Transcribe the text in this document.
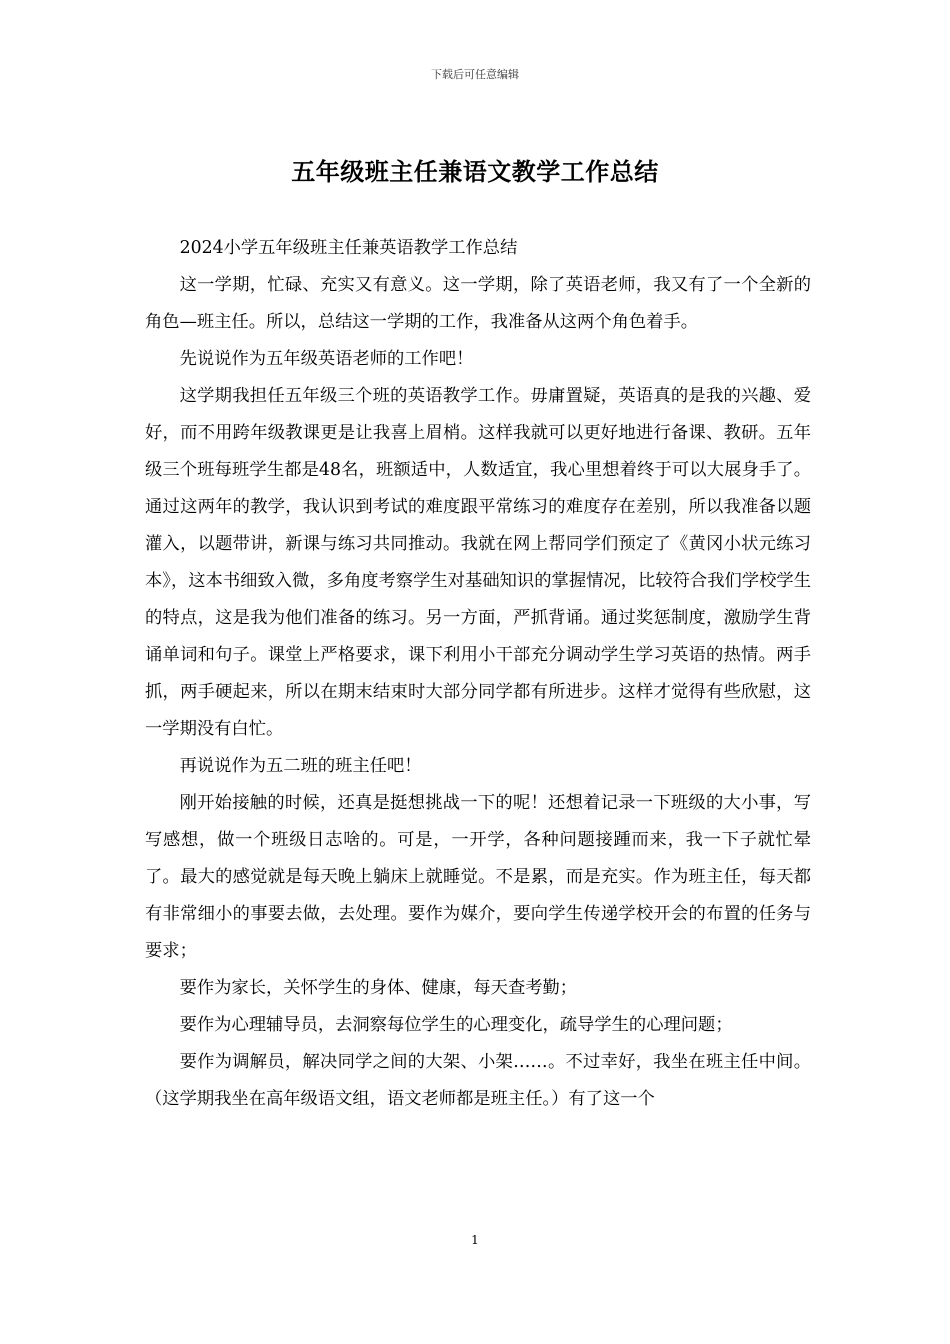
下载后可任意编辑
五年级班主任兼语文教学工作总结

2024小学五年级班主任兼英语教学工作总结

这一学期，忙碌、充实又有意义。这一学期，除了英语老师，我又有了一个全新的角色—班主任。所以，总结这一学期的工作，我准备从这两个角色着手。

先说说作为五年级英语老师的工作吧！

这学期我担任五年级三个班的英语教学工作。毋庸置疑，英语真的是我的兴趣、爱好，而不用跨年级教课更是让我喜上眉梢。这样我就可以更好地进行备课、教研。五年级三个班每班学生都是48名，班额适中，人数适宜，我心里想着终于可以大展身手了。通过这两年的教学，我认识到考试的难度跟平常练习的难度存在差别，所以我准备以题灌入，以题带讲，新课与练习共同推动。我就在网上帮同学们预定了《黄冈小状元练习本》，这本书细致入微，多角度考察学生对基础知识的掌握情况，比较符合我们学校学生的特点，这是我为他们准备的练习。另一方面，严抓背诵。通过奖惩制度，激励学生背诵单词和句子。课堂上严格要求，课下利用小干部充分调动学生学习英语的热情。两手抓，两手硬起来，所以在期末结束时大部分同学都有所进步。这样才觉得有些欣慰，这一学期没有白忙。

再说说作为五二班的班主任吧！

刚开始接触的时候，还真是挺想挑战一下的呢！还想着记录一下班级的大小事，写写感想，做一个班级日志啥的。可是，一开学，各种问题接踵而来，我一下子就忙晕了。最大的感觉就是每天晚上躺床上就睡觉。不是累，而是充实。作为班主任，每天都有非常细小的事要去做，去处理。要作为媒介，要向学生传递学校开会的布置的任务与要求；

要作为家长，关怀学生的身体、健康，每天查考勤；

要作为心理辅导员，去洞察每位学生的心理变化，疏导学生的心理问题；

要作为调解员，解决同学之间的大架、小架……。不过幸好，我坐在班主任中间。（这学期我坐在高年级语文组，语文老师都是班主任。）有了这一个

1
